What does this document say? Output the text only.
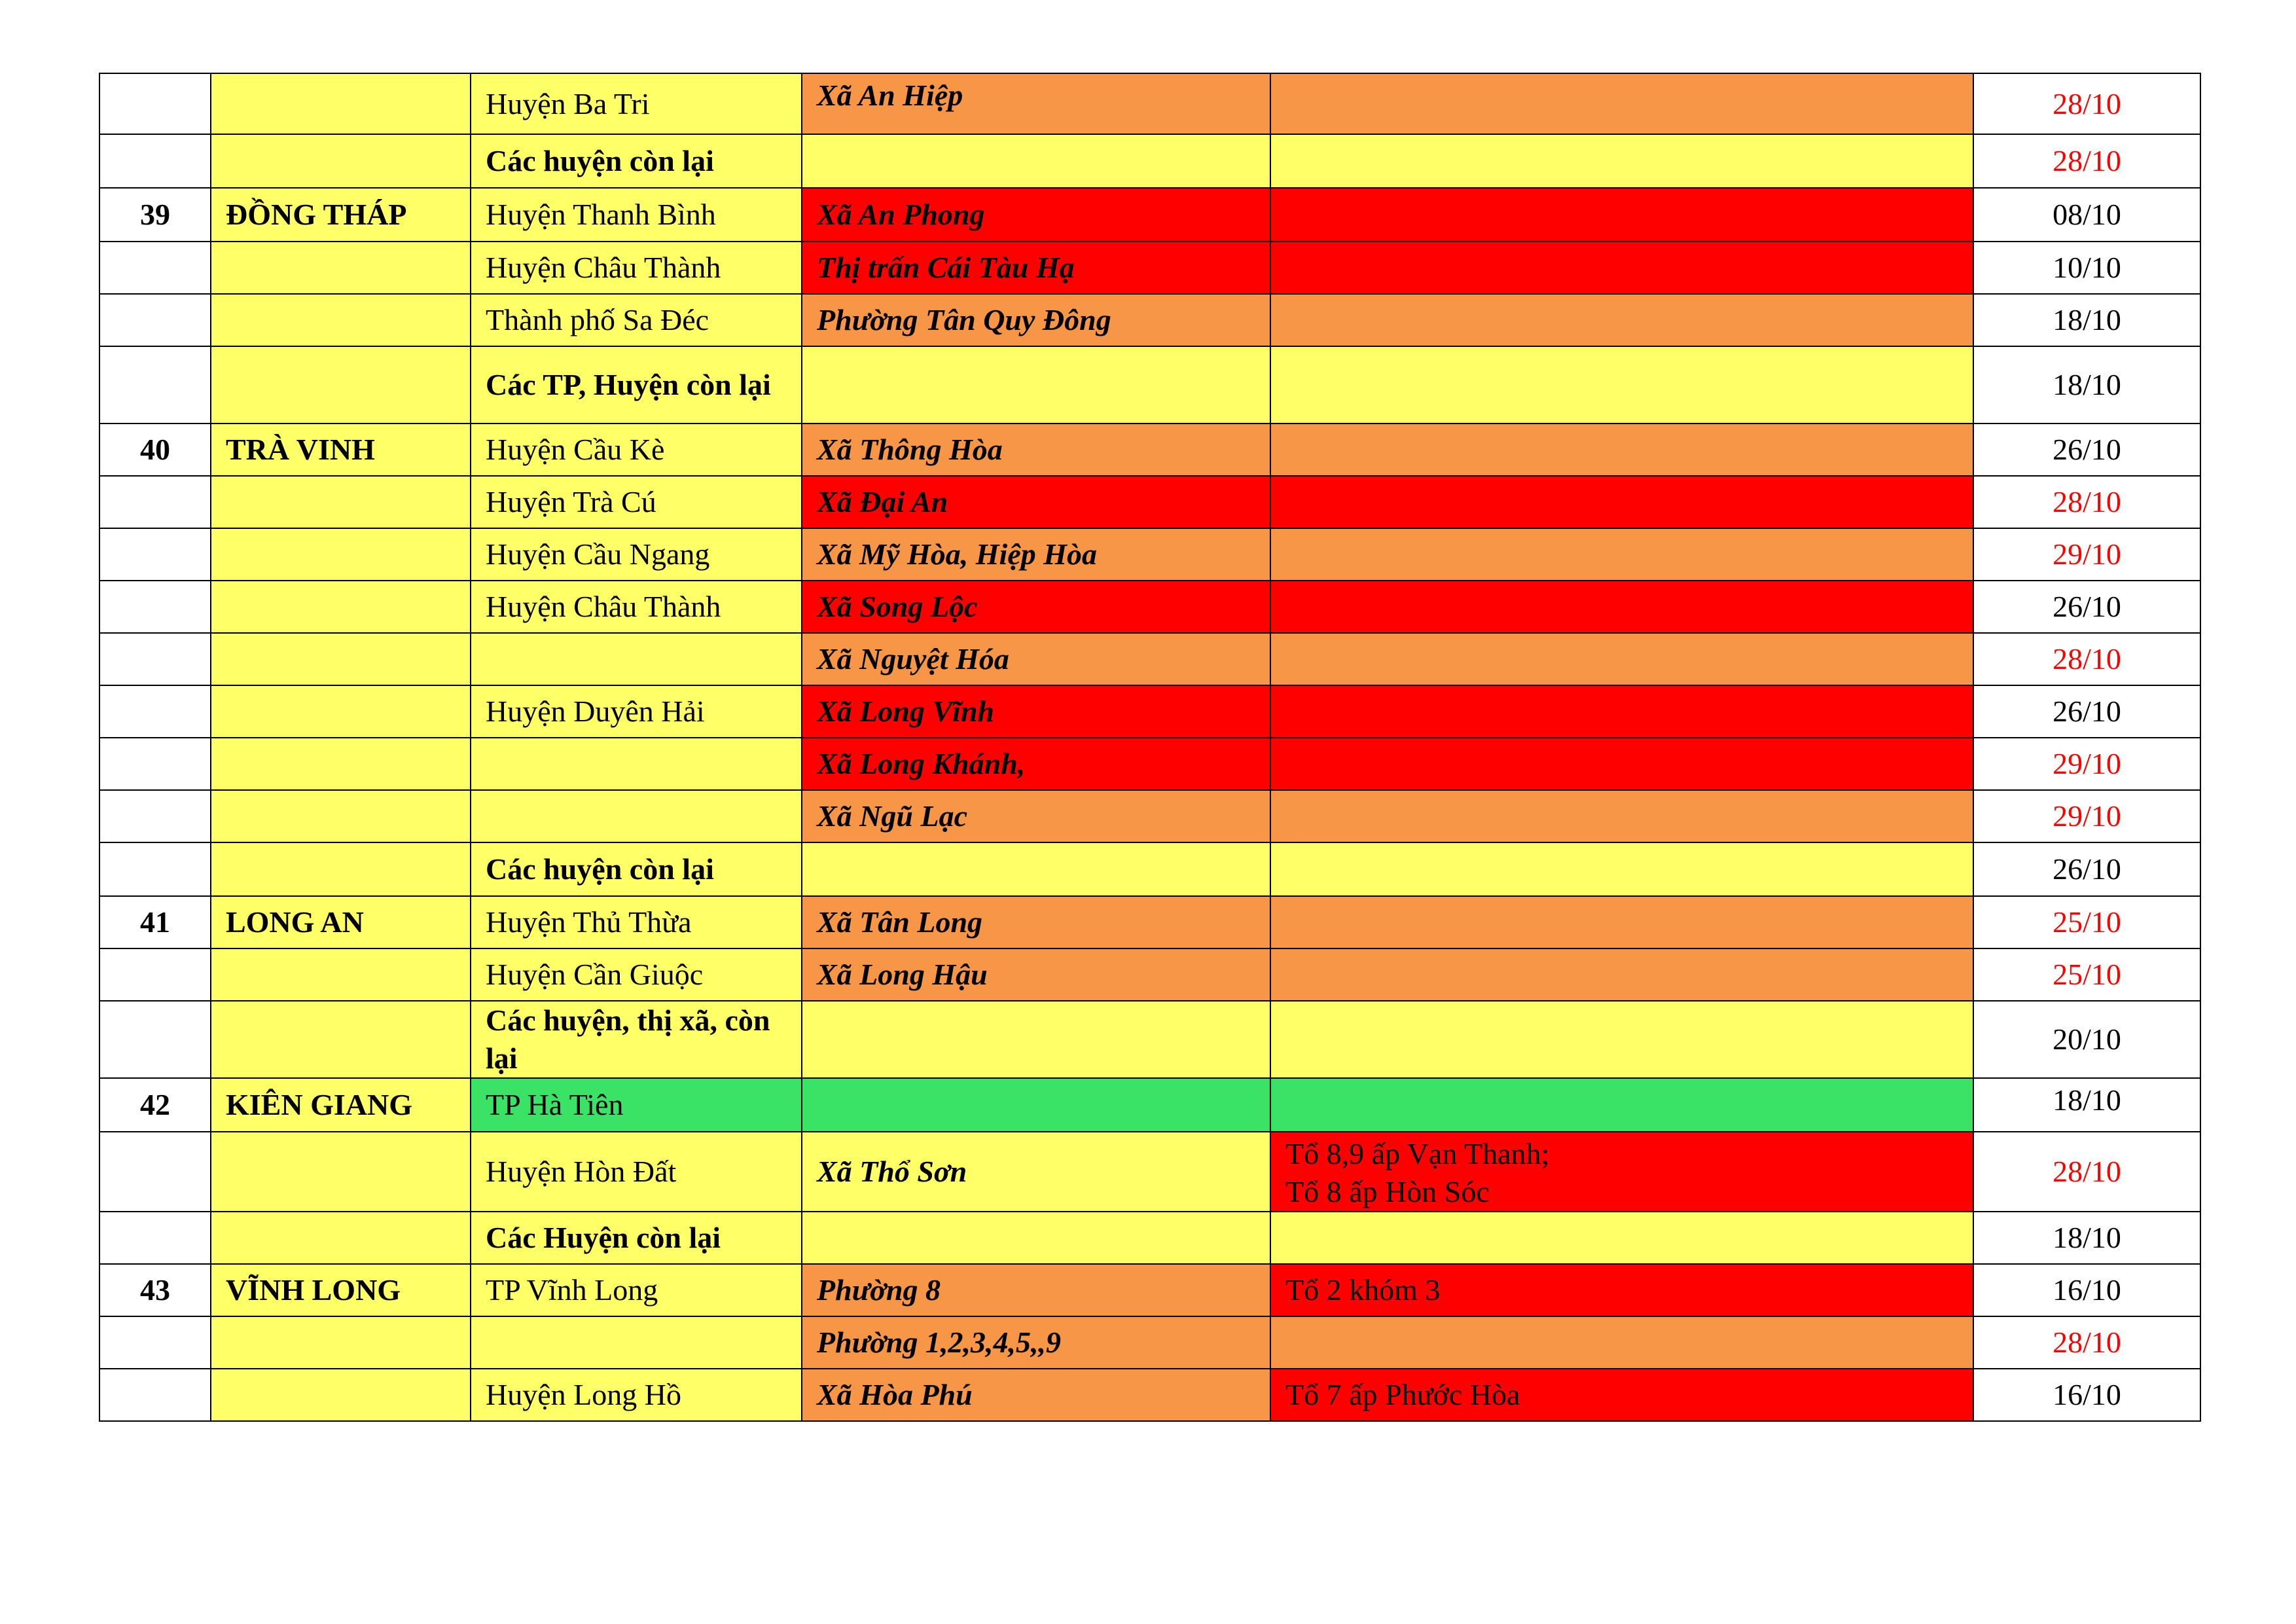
		Huyện Ba Tri	Xã An Hiệp		28/10
		Các huyện còn lại			28/10
39	ĐỒNG THÁP	Huyện Thanh Bình	Xã An Phong		08/10
		Huyện Châu Thành	Thị trấn Cái Tàu Hạ		10/10
		Thành phố Sa Đéc	Phường Tân Quy Đông		18/10
		Các TP, Huyện còn lại			18/10
40	TRÀ VINH	Huyện Cầu Kè	Xã Thông Hòa		26/10
		Huyện Trà Cú	Xã Đại An		28/10
		Huyện Cầu Ngang	Xã Mỹ Hòa, Hiệp Hòa		29/10
		Huyện Châu Thành	Xã Song Lộc		26/10
			Xã Nguyệt Hóa		28/10
		Huyện Duyên Hải	Xã Long Vĩnh		26/10
			Xã Long Khánh,		29/10
			Xã Ngũ Lạc		29/10
		Các huyện còn lại			26/10
41	LONG AN	Huyện Thủ Thừa	Xã Tân Long		25/10
		Huyện Cần Giuộc	Xã Long Hậu		25/10
		Các huyện, thị xã, còn lại			20/10
42	KIÊN GIANG	TP Hà Tiên			18/10
		Huyện Hòn Đất	Xã Thổ Sơn	Tổ 8,9 ấp Vạn Thanh;
Tổ 8 ấp Hòn Sóc	28/10
		Các Huyện còn lại			18/10
43	VĨNH LONG	TP Vĩnh Long	Phường 8	Tổ 2 khóm 3	16/10
			Phường 1,2,3,4,5,,9		28/10
		Huyện Long Hồ	Xã Hòa Phú	Tổ 7 ấp Phước Hòa	16/10
